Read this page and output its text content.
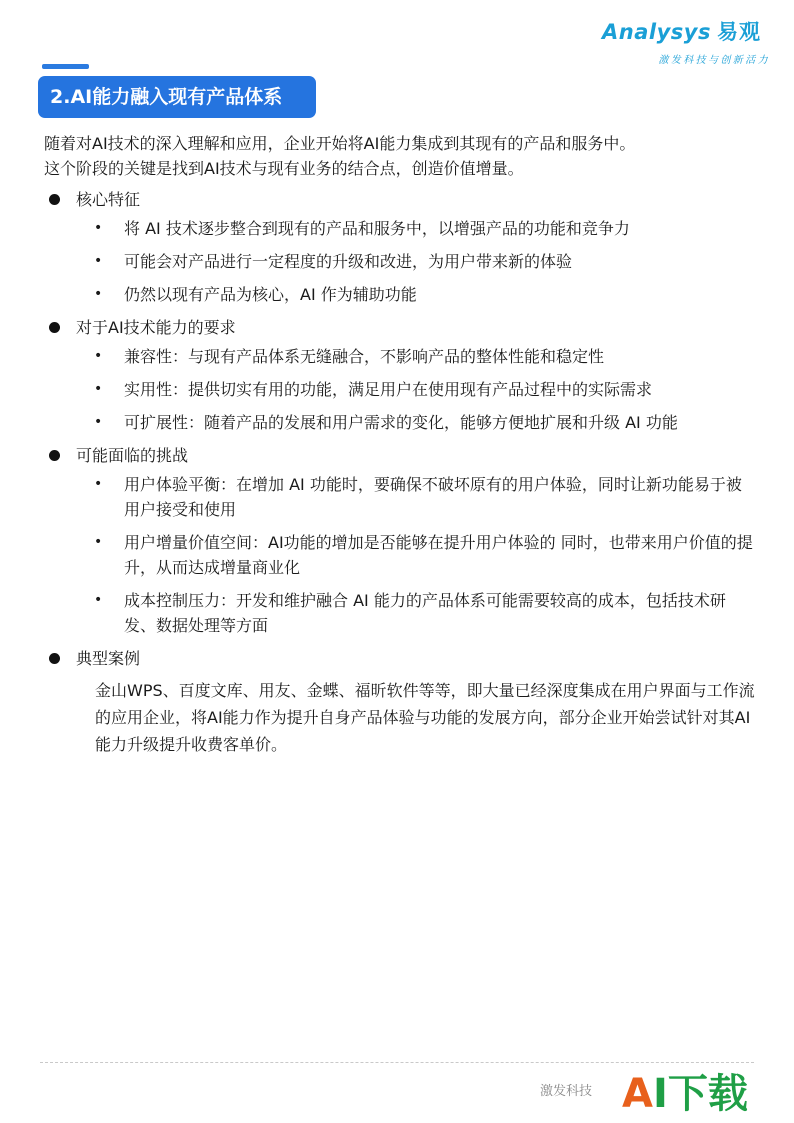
Analysys 易观
激发科技与创新活力
2.AI能力融入现有产品体系

随着对AI技术的深入理解和应用，企业开始将AI能力集成到其现有的产品和服务中。
这个阶段的关键是找到AI技术与现有业务的结合点，创造价值增量。

核心特征
• 将 AI 技术逐步整合到现有的产品和服务中，以增强产品的功能和竞争力
• 可能会对产品进行一定程度的升级和改进，为用户带来新的体验
• 仍然以现有产品为核心，AI 作为辅助功能
对于AI技术能力的要求
• 兼容性：与现有产品体系无缝融合，不影响产品的整体性能和稳定性
• 实用性：提供切实有用的功能，满足用户在使用现有产品过程中的实际需求
• 可扩展性：随着产品的发展和用户需求的变化，能够方便地扩展和升级 AI 功能
可能面临的挑战
• 用户体验平衡：在增加 AI 功能时，要确保不破坏原有的用户体验，同时让新功能易于被用户接受和使用
• 用户增量价值空间：AI功能的增加是否能够在提升用户体验的 同时，也带来用户价值的提升，从而达成增量商业化
• 成本控制压力：开发和维护融合 AI 能力的产品体系可能需要较高的成本，包括技术研发、数据处理等方面
典型案例
金山WPS、百度文库、用友、金蝶、福昕软件等等，即大量已经深度集成在用户界面与工作流的应用企业，将AI能力作为提升自身产品体验与功能的发展方向，部分企业开始尝试针对其AI能力升级提升收费客单价。
激发科技 AI下载
